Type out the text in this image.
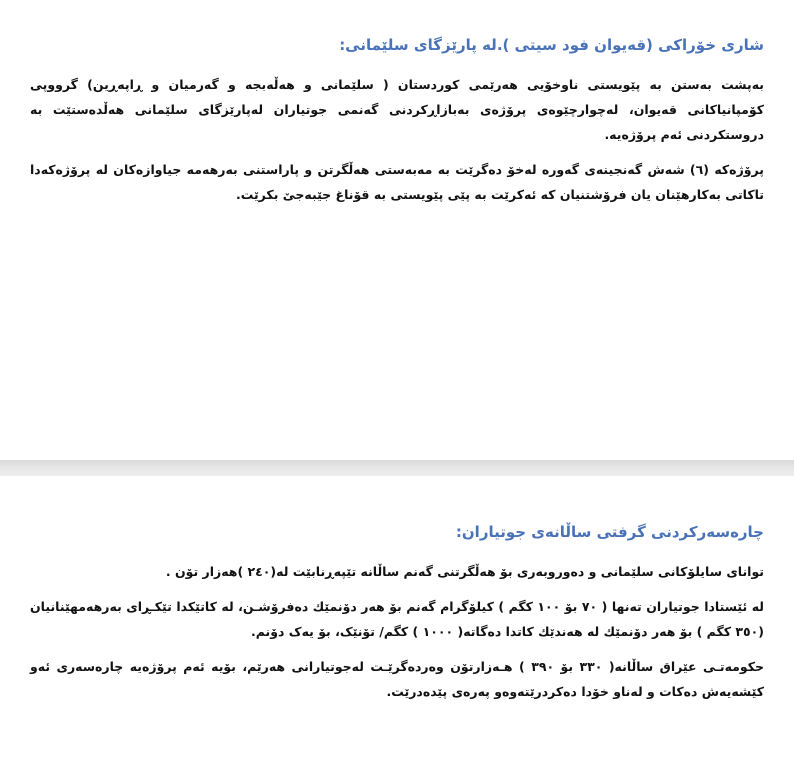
شاری خۆراکی (قەیوان فود سیتی ).لە پارێزگای سلێمانی:

بەپشت بەستن بە پێویستی ناوخۆیی هەرێمی کوردستان ( سلێمانی و هەڵەبجە و گەرمیان و ڕاپەڕین) گرووپی کۆمپانیاکانی قەیوان، لەچوارچێوەی پرۆژەی بەبازاڕکردنی گەنمی جوتیاران لەپارێزگای سلێمانی هەڵدەستێت بە دروستکردنی ئەم پرۆژەیە.

پرۆژەکە (٦) شەش گەنجینەی گەورە لەخۆ دەگرێت بە مەبەستی هەڵگرتن و پاراستنی بەرهەمە جیاوازەکان لە پرۆژەکەدا تاکاتی بەکارهێنان یان فرۆشتنیان کە ئەکرێت بە پێی پێویستی بە قۆناغ جێبەجێ بکرێت.

چارەسەرکردنی گرفتی ساڵانەی جوتیاران:

توانای سایلۆکانی سلێمانی و دەوروبەری بۆ هەڵگرتنی گەنم ساڵانە تێپەڕنابێت لە(٢٤٠ )هەزار تۆن .

لە ئێستادا جوتیاران تەنها ( ٧٠ بۆ ١٠٠ کگم ) کیلۆگرام گەنم بۆ هەر دۆنمێك دەفرۆشـن، لە کاتێکدا تێکـڕای بەرهەمهێنانیان (٣٥٠ کگم ) بۆ هەر دۆنمێك لە هەندێك کاتدا دەگاتە( ١٠٠٠ ) کگم/ تۆنێک، بۆ یەک دۆنم.

حکومەتـی عێراق ساڵانە( ٣٣٠ بۆ ٣٩٠ ) هـەزارتۆن وەردەگرێـت لەجوتیارانی هەرێم، بۆیە ئەم پرۆژەیە چارەسەری ئەو کێشەیەش دەکات و لەناو خۆدا دەکردرێتەوەو پەرەی پێدەدرێت.
